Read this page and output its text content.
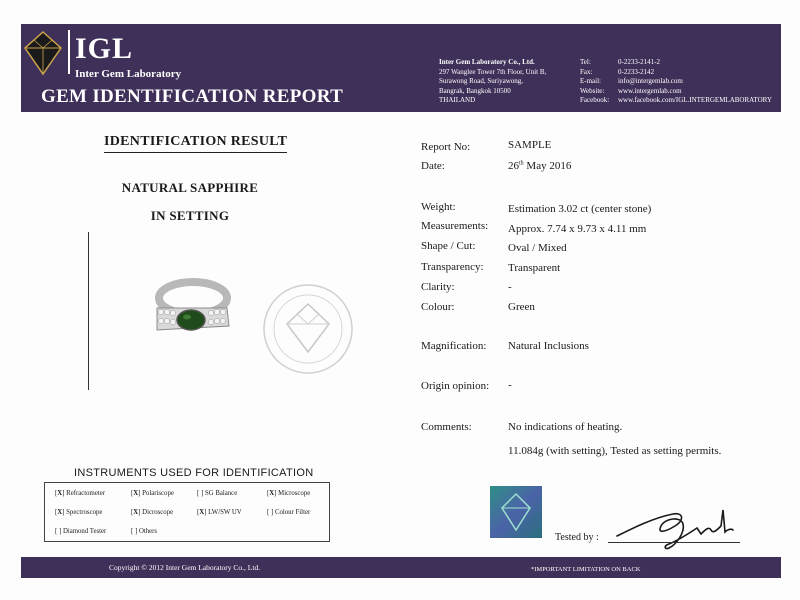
IGL
Inter Gem Laboratory
GEM IDENTIFICATION REPORT
Inter Gem Laboratory Co., Ltd.
297 Wanglee Tower 7th Floor, Unit B,
Surawong Road, Suriyawong,
Bangrak, Bangkok 10500
THAILAND
Tel:	0-2233-2141-2
Fax:	0-2233-2142
E-mail:	info@intergemlab.com
Website:	www.intergemlab.com
Facebook:	www.facebook.com/IGL.INTERGEMLABORATORY
IDENTIFICATION RESULT
NATURAL SAPPHIRE
IN SETTING
INSTRUMENTS USED FOR IDENTIFICATION
[X] Refractometer	[X] Polariscope	[ ] SG Balance	[X] Microscope
[X] Spectroscope	[X] Dicroscope	[X] LW/SW UV	[ ] Colour Filter
[ ] Diamond Tester	[ ] Others
Report No:	SAMPLE
Date:	26th May 2016
Weight:	Estimation 3.02 ct (center stone)
Measurements: Approx. 7.74 x 9.73 x 4.11 mm
Shape / Cut:	Oval / Mixed
Transparency: Transparent
Clarity:	-
Colour:	Green
Magnification: Natural Inclusions
Origin opinion: -
Comments:	No indications of heating.
11.084g (with setting), Tested as setting permits.
Tested by :
Copyright © 2012 Inter Gem Laboratory Co., Ltd.	*IMPORTANT LIMITATION ON BACK
